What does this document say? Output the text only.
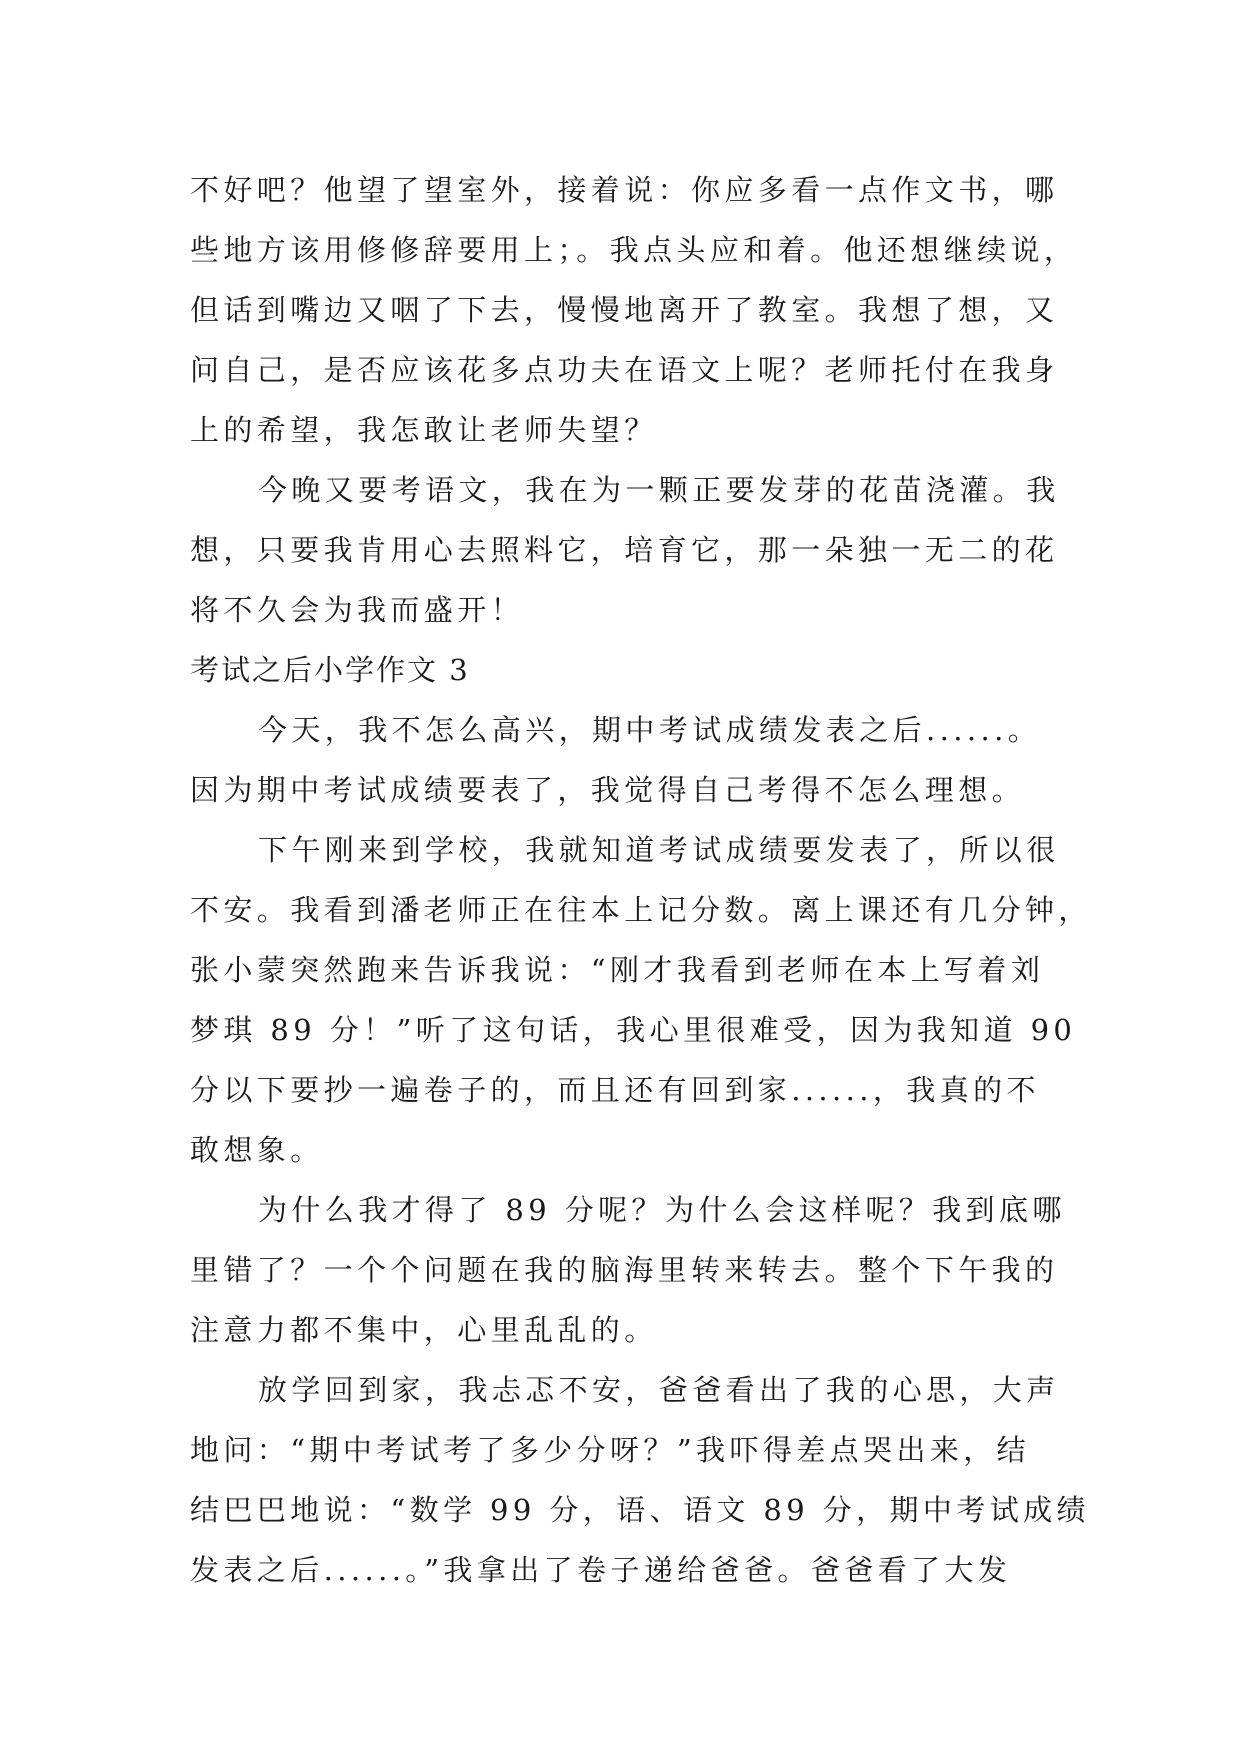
不好吧？他望了望室外，接着说：你应多看一点作文书，哪
些地方该用修修辞要用上；。我点头应和着。他还想继续说，
但话到嘴边又咽了下去，慢慢地离开了教室。我想了想，又
问自己，是否应该花多点功夫在语文上呢？老师托付在我身
上的希望，我怎敢让老师失望？
今晚又要考语文，我在为一颗正要发芽的花苗浇灌。我
想，只要我肯用心去照料它，培育它，那一朵独一无二的花
将不久会为我而盛开！
考试之后小学作文 3
今天，我不怎么高兴，期中考试成绩发表之后......。
因为期中考试成绩要表了，我觉得自己考得不怎么理想。
下午刚来到学校，我就知道考试成绩要发表了，所以很
不安。我看到潘老师正在往本上记分数。离上课还有几分钟，
张小蒙突然跑来告诉我说：“刚才我看到老师在本上写着刘
梦琪 89 分！”听了这句话，我心里很难受，因为我知道 90
分以下要抄一遍卷子的，而且还有回到家......，我真的不
敢想象。
为什么我才得了 89 分呢？为什么会这样呢？我到底哪
里错了？一个个问题在我的脑海里转来转去。整个下午我的
注意力都不集中，心里乱乱的。
放学回到家，我忐忑不安，爸爸看出了我的心思，大声
地问：“期中考试考了多少分呀？”我吓得差点哭出来，结
结巴巴地说：“数学 99 分，语、语文 89 分，期中考试成绩
发表之后......。”我拿出了卷子递给爸爸。爸爸看了大发
